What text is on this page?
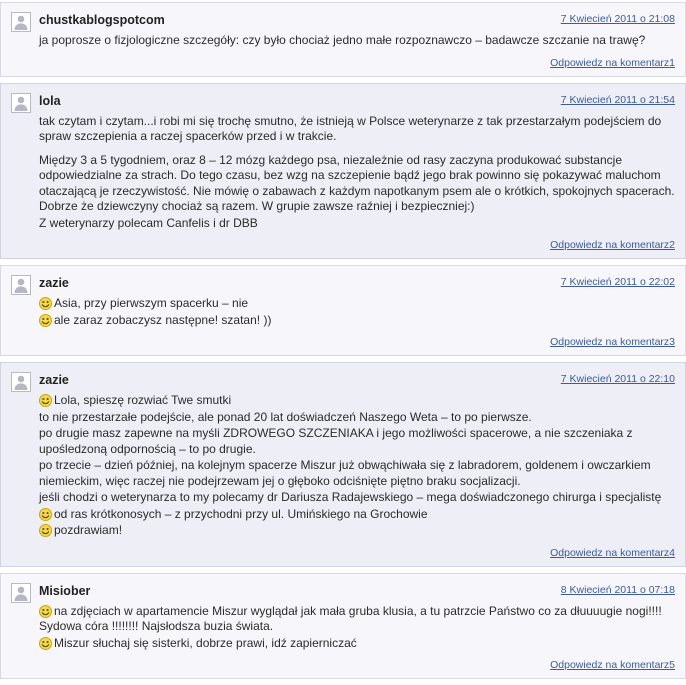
chustkablogspotcom	7 Kwiecień 2011 o 21:08

ja poprosze o fizjologiczne szczegóły: czy było chociaż jedno małe rozpoznawczo – badawcze szczanie na trawę?

Odpowiedz na komentarz1
lola	7 Kwiecień 2011 o 21:54

tak czytam i czytam...i robi mi się trochę smutno, że istnieją w Polsce weterynarze z tak przestarzałym podejściem do spraw szczepienia a raczej spacerków przed i w trakcie.

Między 3 a 5 tygodniem, oraz 8 – 12 mózg każdego psa, niezależnie od rasy zaczyna produkować substancje odpowiedzialne za strach. Do tego czasu, bez wzg na szczepienie bądź jego brak powinno się pokazywać maluchom otaczającą je rzeczywistość. Nie mówię o zabawach z każdym napotkanym psem ale o krótkich, spokojnych spacerach. Dobrze że dziewczyny chociaż są razem. W grupie zawsze raźniej i bezpieczniej:)

Z weterynarzy polecam Canfelis i dr DBB

Odpowiedz na komentarz2
zazie	7 Kwiecień 2011 o 22:02

Asia, przy pierwszym spacerku – nie

ale zaraz zobaczysz następne! szatan! ))

Odpowiedz na komentarz3
zazie	7 Kwiecień 2011 o 22:10

Lola, spieszę rozwiać Twe smutki

to nie przestarzałe podejście, ale ponad 20 lat doświadczeń Naszego Weta – to po pierwsze.

po drugie masz zapewne na myśli ZDROWEGO SZCZENIAKA i jego możliwości spacerowe, a nie szczeniaka z upośledzoną odpornością – to po drugie.

po trzecie – dzień później, na kolejnym spacerze Miszur już obwąchiwała się z labradorem, goldenem i owczarkiem niemieckim, więc raczej nie podejrzewam jej o głęboko odciśnięte piętno braku socjalizacji.

jeśli chodzi o weterynarza to my polecamy dr Dariusza Radajewskiego – mega doświadczonego chirurga i specjalistę

od ras krótkonosych – z przychodni przy ul. Umińskiego na Grochowie

pozdrawiam!

Odpowiedz na komentarz4
Misiober	8 Kwiecień 2011 o 07:18

na zdjęciach w apartamencie Miszur wyglądał jak mała gruba klusia, a tu patrzcie Państwo co za dłuuuugie nogi!!!! Sydowa córa !!!!!!!! Najsłodsza buzia świata.

Miszur słuchaj się sisterki, dobrze prawi, idź zapierniczać

Odpowiedz na komentarz5
